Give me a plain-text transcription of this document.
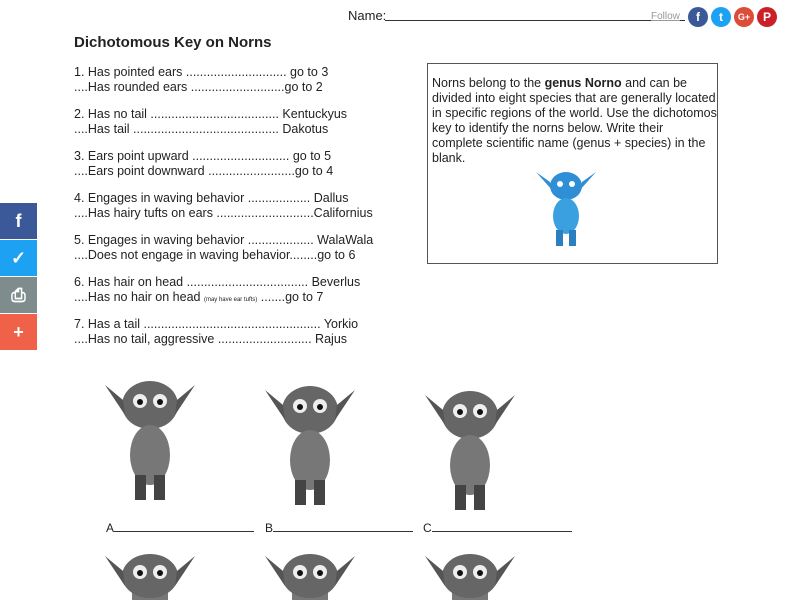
Name:	Follow	f	t	G+	P
Dichotomous Key on Norns
1. Has pointed ears ............................. go to 3
....Has rounded ears ...........................go to 2
2. Has no tail ..................................... Kentuckyus
....Has tail .......................................... Dakotus
3. Ears point upward ............................ go to 5
....Ears point downward .........................go to 4
4. Engages in waving behavior .................. Dallus
....Has hairy tufts on ears ............................Californius
5. Engages in waving behavior ................... WalaWala
....Does not engage in waving behavior........go to 6
6. Has hair on head ................................... Beverlus
....Has no hair on head (may have ear tufts) .......go to 7
7. Has a tail ................................................... Yorkio
....Has no tail, aggressive ........................... Rajus
Norns belong to the genus Norno and can be divided into eight species that are generally located in specific regions of the world. Use the dichotomos key to identify the norns below. Write their complete scientific name (genus + species) in the blank.
f
✓
⎙
+
A	B	C
